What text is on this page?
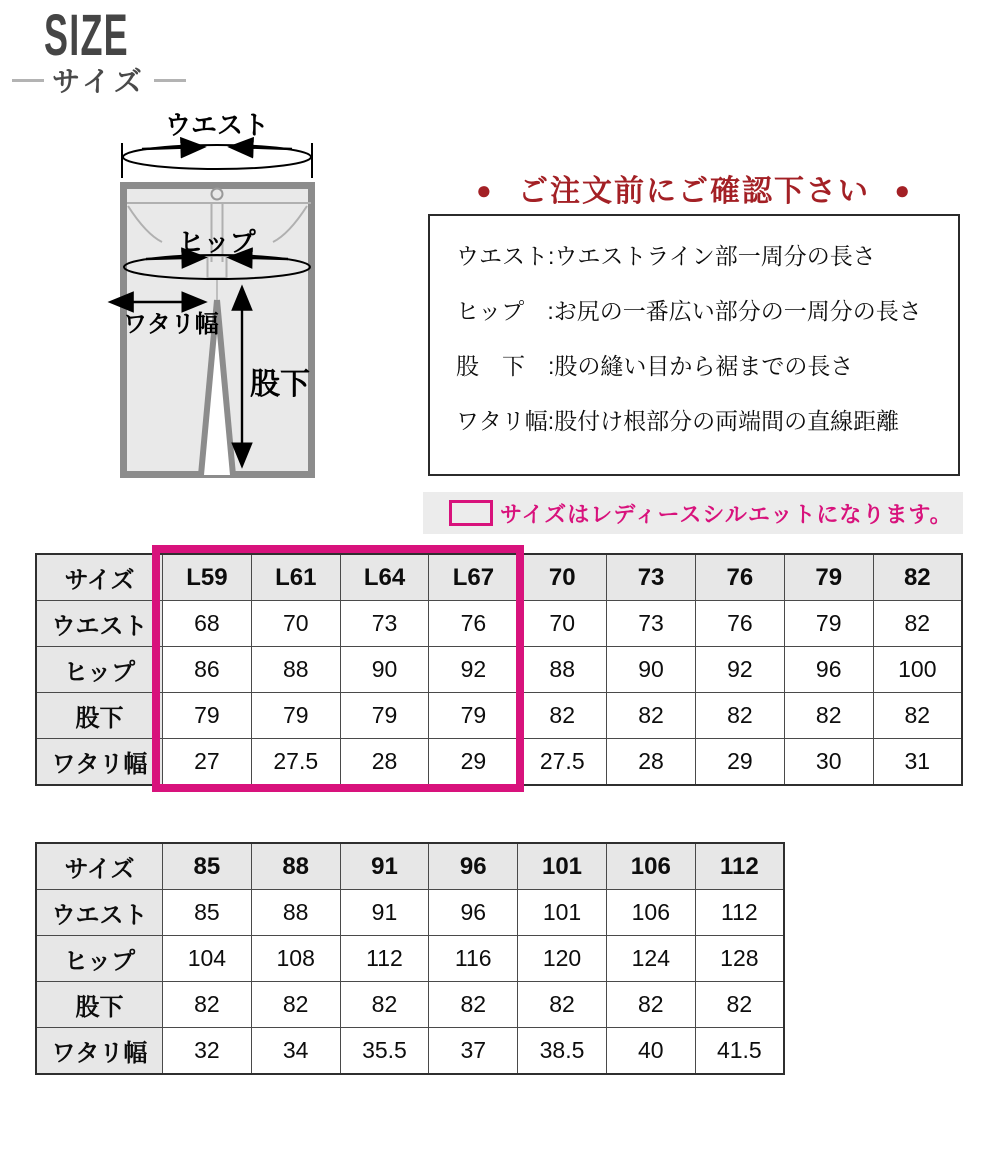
SIZE
サイズ
ウエスト
ヒップ
ワタリ幅
股下
● ご注文前にご確認下さい ●
ウエスト:ウエストライン部一周分の長さ
ヒップ　:お尻の一番広い部分の一周分の長さ
股　下　:股の縫い目から裾までの長さ
ワタリ幅:股付け根部分の両端間の直線距離
サイズはレディースシルエットになります。
サイズ	L59	L61	L64	L67	70	73	76	79	82
ウエスト	68	70	73	76	70	73	76	79	82
ヒップ	86	88	90	92	88	90	92	96	100
股下	79	79	79	79	82	82	82	82	82
ワタリ幅	27	27.5	28	29	27.5	28	29	30	31
サイズ	85	88	91	96	101	106	112
ウエスト	85	88	91	96	101	106	112
ヒップ	104	108	112	116	120	124	128
股下	82	82	82	82	82	82	82
ワタリ幅	32	34	35.5	37	38.5	40	41.5
